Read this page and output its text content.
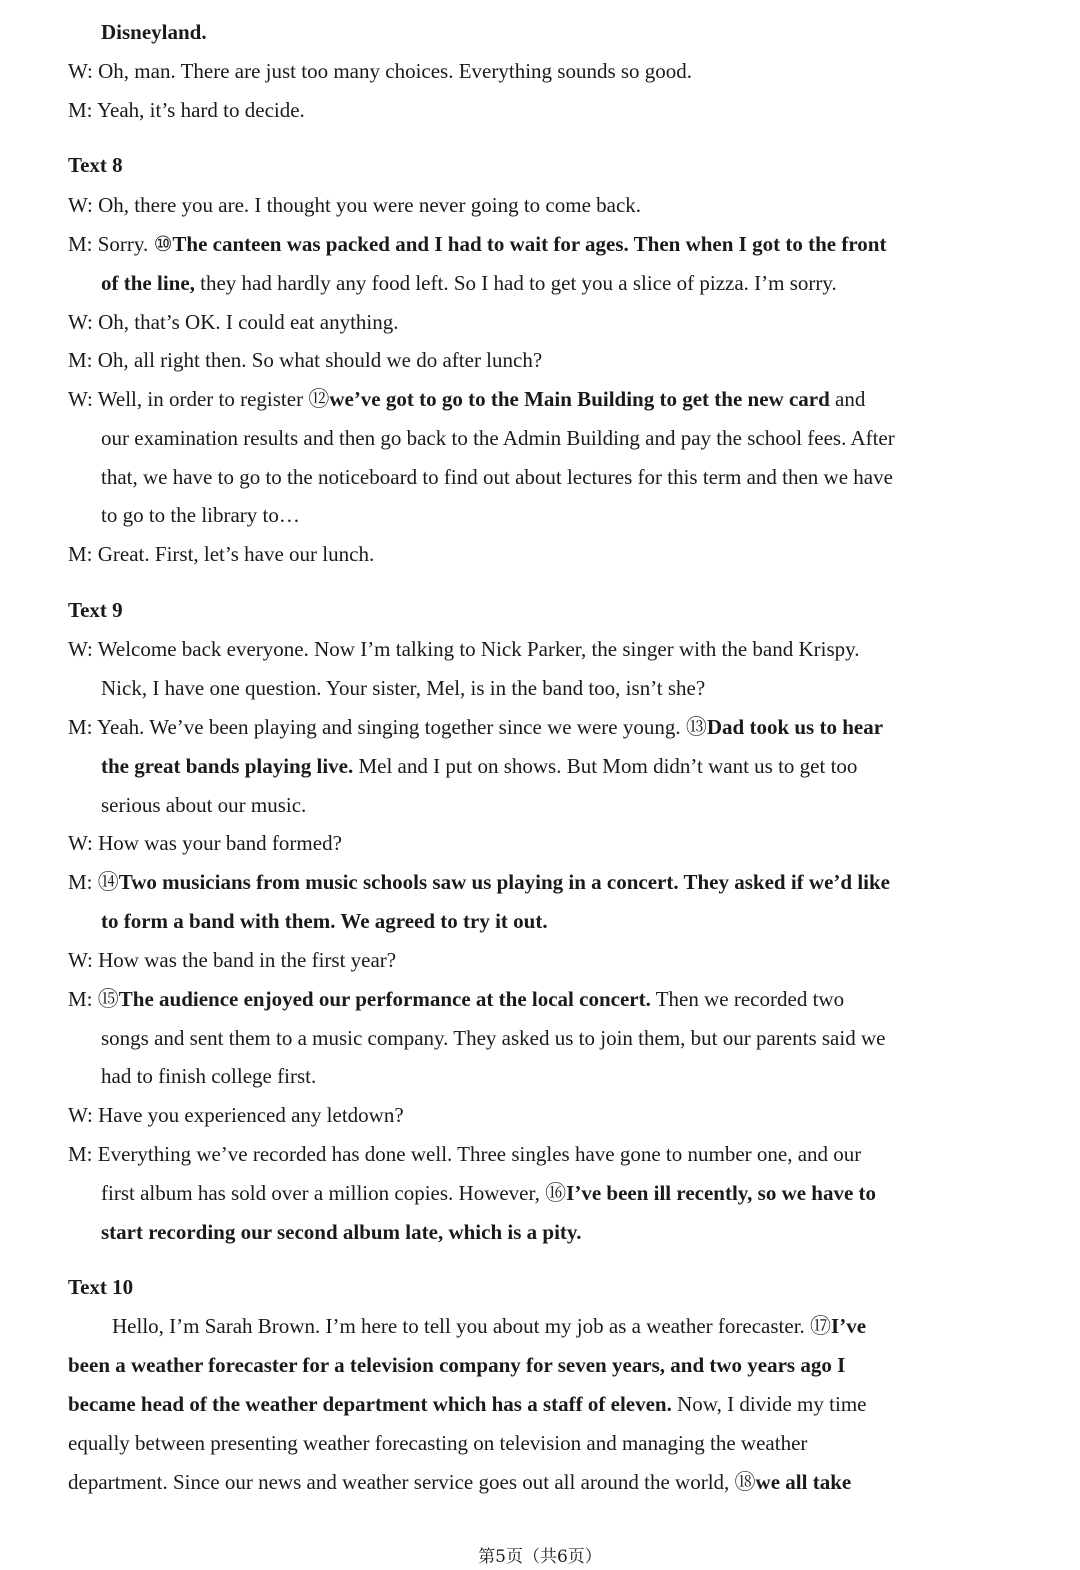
Disneyland.
W: Oh, man. There are just too many choices. Everything sounds so good.
M: Yeah, it’s hard to decide.
Text 8
W: Oh, there you are. I thought you were never going to come back.
M: Sorry. ⑩The canteen was packed and I had to wait for ages. Then when I got to the front
of the line, they had hardly any food left. So I had to get you a slice of pizza. I’m sorry.
W: Oh, that’s OK. I could eat anything.
M: Oh, all right then. So what should we do after lunch?
W: Well, in order to register ⑫we’ve got to go to the Main Building to get the new card and
our examination results and then go back to the Admin Building and pay the school fees. After
that, we have to go to the noticeboard to find out about lectures for this term and then we have
to go to the library to…
M: Great. First, let’s have our lunch.
Text 9
W: Welcome back everyone. Now I’m talking to Nick Parker, the singer with the band Krispy.
Nick, I have one question. Your sister, Mel, is in the band too, isn’t she?
M: Yeah. We’ve been playing and singing together since we were young. ⑬Dad took us to hear
the great bands playing live. Mel and I put on shows. But Mom didn’t want us to get too
serious about our music.
W: How was your band formed?
M: ⑭Two musicians from music schools saw us playing in a concert. They asked if we’d like
to form a band with them. We agreed to try it out.
W: How was the band in the first year?
M: ⑮The audience enjoyed our performance at the local concert. Then we recorded two
songs and sent them to a music company. They asked us to join them, but our parents said we
had to finish college first.
W: Have you experienced any letdown?
M: Everything we’ve recorded has done well. Three singles have gone to number one, and our
first album has sold over a million copies. However, ⑯I’ve been ill recently, so we have to
start recording our second album late, which is a pity.
Text 10
Hello, I’m Sarah Brown. I’m here to tell you about my job as a weather forecaster. ⑰I’ve
been a weather forecaster for a television company for seven years, and two years ago I
became head of the weather department which has a staff of eleven. Now, I divide my time
equally between presenting weather forecasting on television and managing the weather
department. Since our news and weather service goes out all around the world, ⑱we all take
第5页（共6页）
